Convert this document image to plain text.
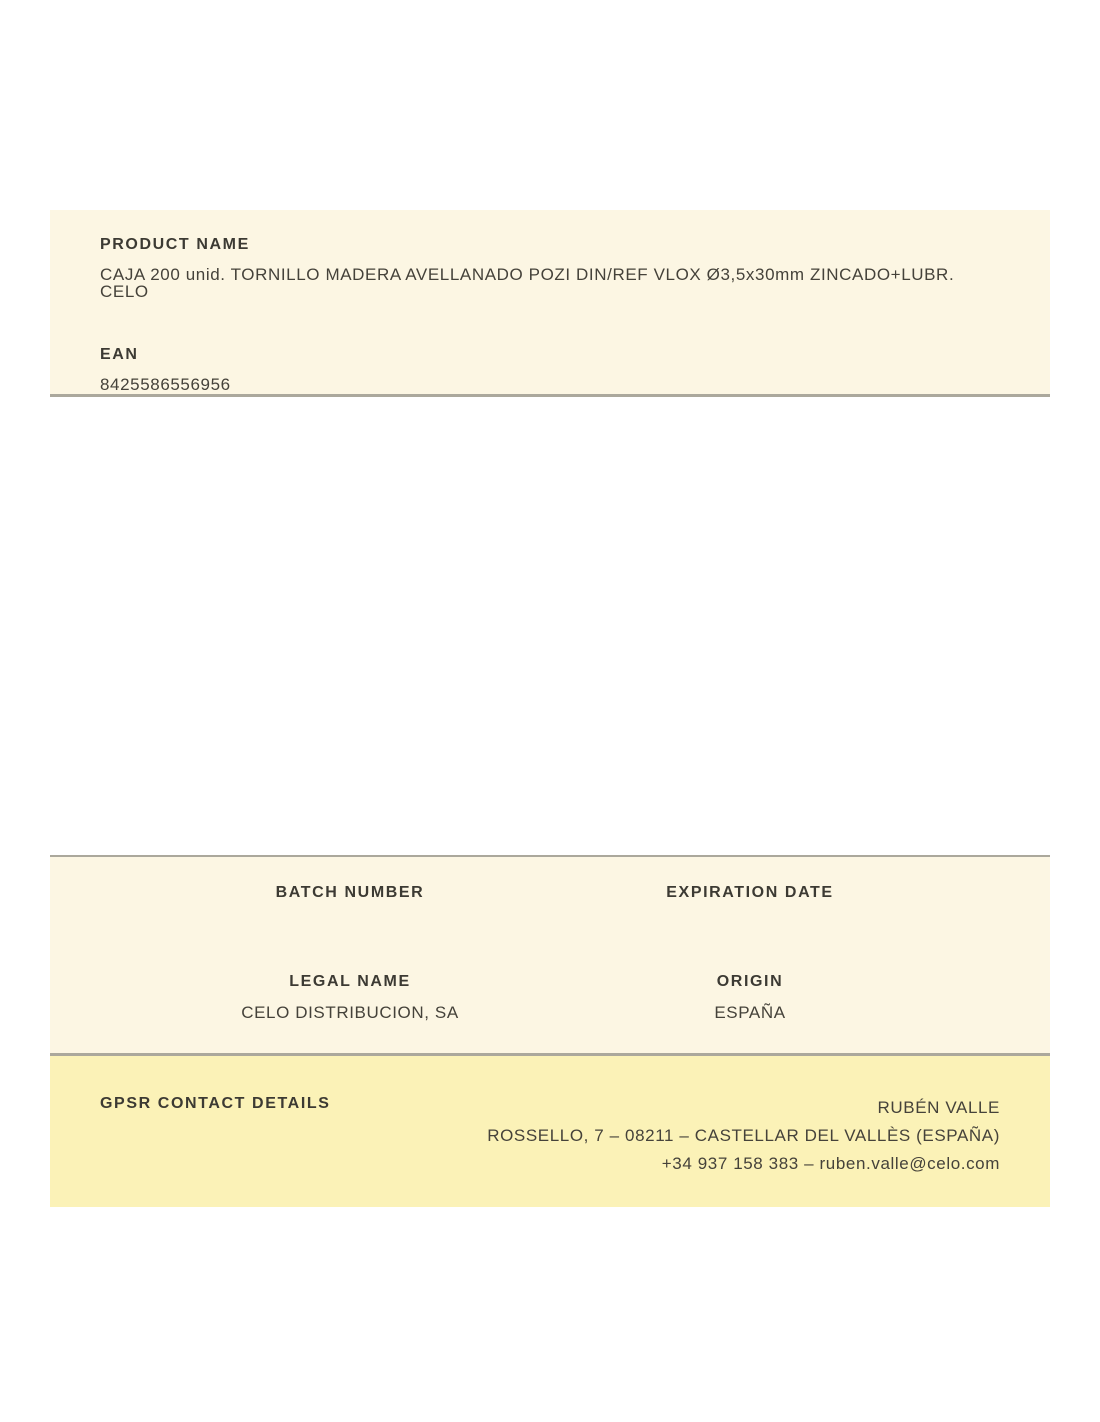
PRODUCT NAME
CAJA 200 unid. TORNILLO MADERA AVELLANADO POZI DIN/REF VLOX Ø3,5x30mm ZINCADO+LUBR. CELO
EAN
8425586556956
BATCH NUMBER	EXPIRATION DATE
LEGAL NAME
CELO DISTRIBUCION, SA
ORIGIN
ESPAÑA
GPSR CONTACT DETAILS	RUBÉN VALLE
ROSSELLO, 7 – 08211 – CASTELLAR DEL VALLÈS (ESPAÑA)
+34 937 158 383 – ruben.valle@celo.com
